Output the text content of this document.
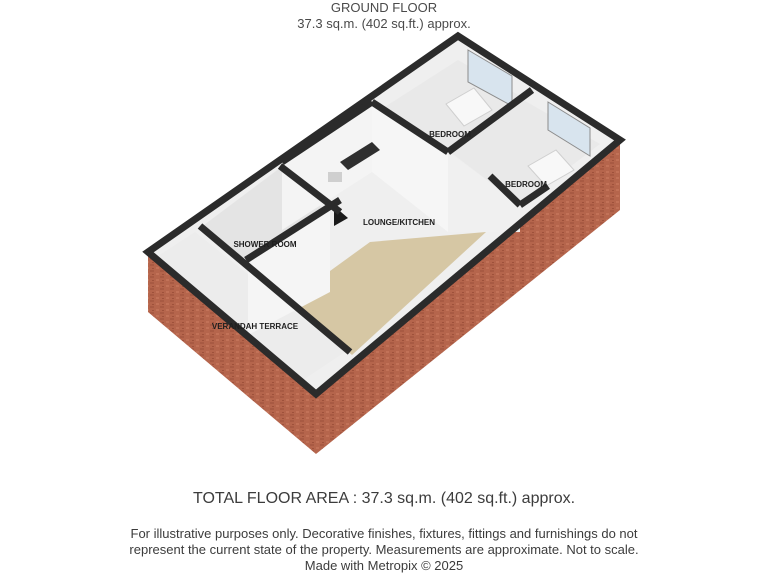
GROUND FLOOR
37.3 sq.m. (402 sq.ft.) approx.
BEDROOM
BEDROOM
SHOWER ROOM
LOUNGE/KITCHEN
VERANDAH TERRACE
TOTAL FLOOR AREA : 37.3 sq.m. (402 sq.ft.) approx.
For illustrative purposes only. Decorative finishes, fixtures, fittings and furnishings do not
represent the current state of the property. Measurements are approximate. Not to scale.
Made with Metropix © 2025
